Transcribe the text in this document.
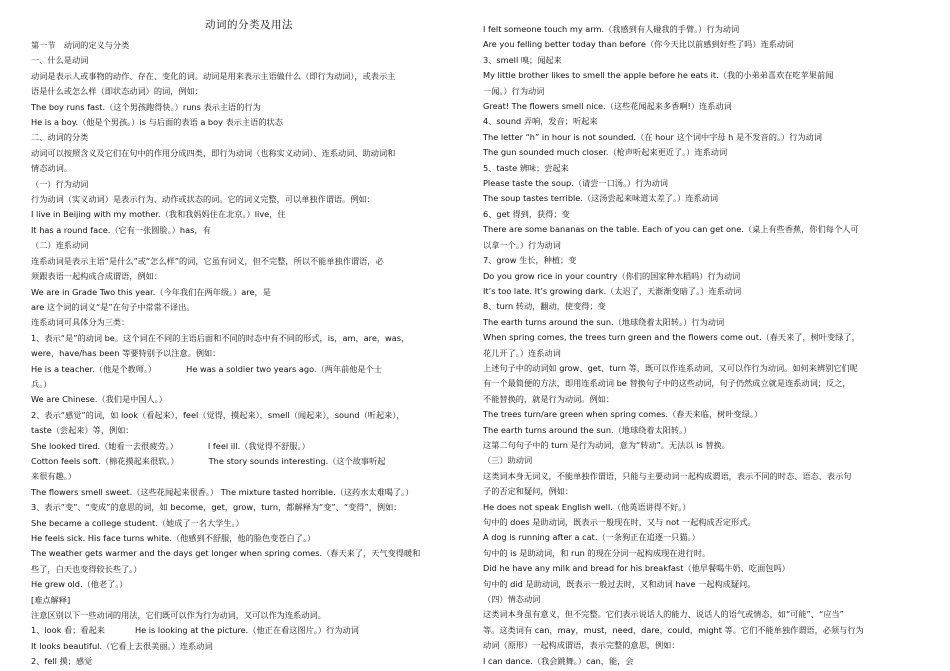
动词的分类及用法

第一节　动词的定义与分类

一、什么是动词

动词是表示人或事物的动作、存在、变化的词。动词是用来表示主语做什么（即行为动词），或表示主

语是什么或怎么样（即状态动词）的词，例如：

The boy runs fast.（这个男孩跑得快。）runs 表示主语的行为

He is a boy.（他是个男孩。）is 与后面的表语 a boy 表示主语的状态

二、动词的分类

动词可以按照含义及它们在句中的作用分成四类，即行为动词（也称实义动词）、连系动词、助动词和

情态动词。

（一）行为动词

行为动词（实义动词）是表示行为、动作或状态的词。它的词义完整，可以单独作谓语。例如：

I live in Beijing with my mother.（我和我妈妈住在北京。）live，住

It has a round face.（它有一张圆脸。）has，有

（二）连系动词

连系动词是表示主语“是什么”或“怎么样”的词，它虽有词义，但不完整，所以不能单独作谓语，必

须跟表语一起构成合成谓语，例如：

We are in Grade Two this year.（今年我们在两年级。）are，是

are 这个词的词义“是”在句子中常常不译出。

连系动词可具体分为三类：

1、表示“是”的动词 be。这个词在不同的主语后面和不同的时态中有不同的形式，is，am，are，was，

were，have/has been 等要特别予以注意。例如：

He is a teacher.（他是个教师。）	He was a soldier two years ago.（两年前他是个士

兵。）

We are Chinese.（我们是中国人。）

2、表示“感觉”的词，如 look（看起来），feel（觉得，摸起来），smell（闻起来），sound（听起来），

taste（尝起来）等，例如：

She looked tired.（她看一去很疲劳。）	I feel ill.（我觉得不舒服。）

Cotton feels soft.（棉花摸起来很软。）	The story sounds interesting.（这个故事听起

来很有趣。）

The flowers smell sweet.（这些花闻起来很香。） The mixture tasted horrible.（这药水太难喝了。）

3、表示“变”、“变成”的意思的词，如 become，get，grow，turn，都解释为“变”、“变得”，例如：

She became a college student.（她成了一名大学生。）

He feels sick. His face turns white.（他感到不舒服，他的脸色变苍白了。）

The weather gets warmer and the days get longer when spring comes.（春天来了，天气变得暖和

些了，白天也变得较长些了。）

He grew old.（他老了。）

[难点解释]

注意区别以下一些动词的用法，它们既可以作为行为动词，又可以作为连系动词。

1、look 看；看起来	He is looking at the picture.（他正在看这图片。）行为动词

It looks beautiful.（它看上去很美丽。）连系动词

2、fell 摸；感觉

I felt someone touch my arm.（我感到有人碰我的手臂。）行为动词

Are you felling better today than before（你今天比以前感到好些了吗）连系动词

3、smell 嗅；闻起来

My little brother likes to smell the apple before he eats it.（我的小弟弟喜欢在吃苹果前闻

一闻。）行为动词

Great! The flowers smell nice.（这些花闻起来多香啊!）连系动词

4、sound 弄响，发音；听起来

The letter “h” in hour is not sounded.（在 hour 这个词中字母 h 是不发音的。）行为动词

The gun sounded much closer.（枪声听起来更近了。）连系动词

5、taste 辨味；尝起来

Please taste the soup.（请尝一口汤。）行为动词

The soup tastes terrible.（这汤尝起来味道太差了。）连系动词

6、get 得到，获得；变

There are some bananas on the table. Each of you can get one.（桌上有些香蕉，你们每个人可

以拿一个。）行为动词

7、grow 生长，种植；变

Do you grow rice in your country（你们的国家种水稻吗）行为动词

It’s too late. It’s growing dark.（太迟了，天渐渐变暗了。）连系动词

8、turn 转动，翻动，使变得；变

The earth turns around the sun.（地球绕着太阳转。）行为动词

When spring comes, the trees turn green and the flowers come out.（春天来了，树叶变绿了，

花儿开了。）连系动词

上述句子中的动词如 grow、get、turn 等，既可以作连系动词，又可以作行为动词。如何来辨别它们呢

有一个最简便的方法，即用连系动词 be 替换句子中的这些动词，句子仍然成立就是连系动词；反之，

不能替换的，就是行为动词。例如：

The trees turn/are green when spring comes.（春天来临，树叶变绿。）

The earth turns around the sun.（地球绕着太阳转。）

这第二句句子中的 turn 是行为动词，意为“转动”。无法以 is 替换。

（三）助动词

这类词本身无词义，不能单独作谓语，只能与主要动词一起构成谓语，表示不同的时态、语态、表示句

子的否定和疑问，例如：

He does not speak English well.（他英语讲得不好。）

句中的 does 是助动词，既表示一般现在时，又与 not 一起构成否定形式。

A dog is running after a cat.（一条狗正在追逐一只猫。）

句中的 is 是助动词，和 run 的现在分词一起构成现在进行时。

Did he have any milk and bread for his breakfast（他早餐喝牛奶、吃面包吗）

句中的 did 是助动词，既表示一般过去时，又和动词 have 一起构成疑问。

（四）情态动词

这类词本身虽有意义，但不完整。它们表示说话人的能力、说话人的语气或情态，如“可能”、“应当”

等。这类词有 can，may，must，need，dare，could，might 等。它们不能单独作谓语，必须与行为

动词（原形）一起构成谓语，表示完整的意思，例如：

I can dance.（我会跳舞。）can，能，会
